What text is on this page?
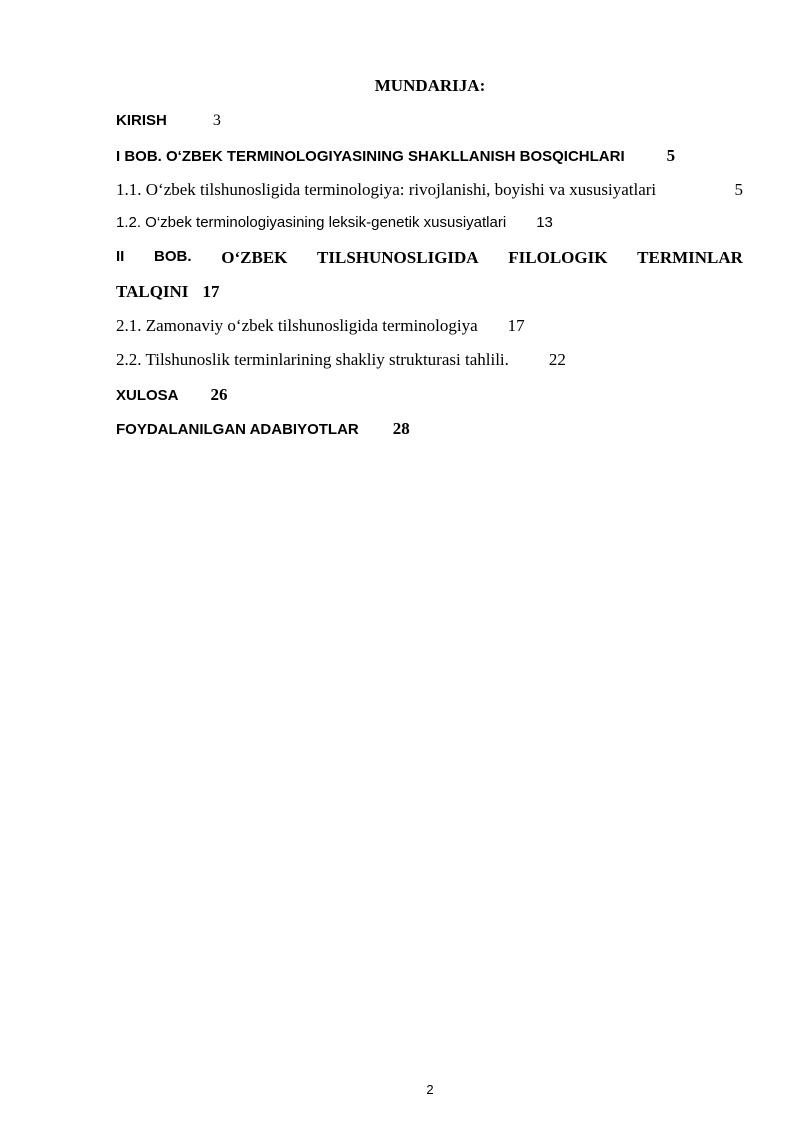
MUNDARIJA:
KIRISH	3
I BOB. O‘ZBEK TERMINOLOGIYASINING SHAKLLANISH BOSQICHLARI 5
1.1. O‘zbek tilshunosligida terminologiya: rivojlanishi, boyishi va xususiyatlari	5
1.2. O‘zbek terminologiyasining leksik-genetik xususiyatlari 13
II BOB. O‘ZBEK TILSHUNOSLIGIDA FILOLOGIK TERMINLAR
TALQINI 17
2.1. Zamonaviy o‘zbek tilshunosligida terminologiya 17
2.2. Tilshunoslik terminlarining shakliy strukturasi tahlili. 22
XULOSA 26
FOYDALANILGAN ADABIYOTLAR 28
2
